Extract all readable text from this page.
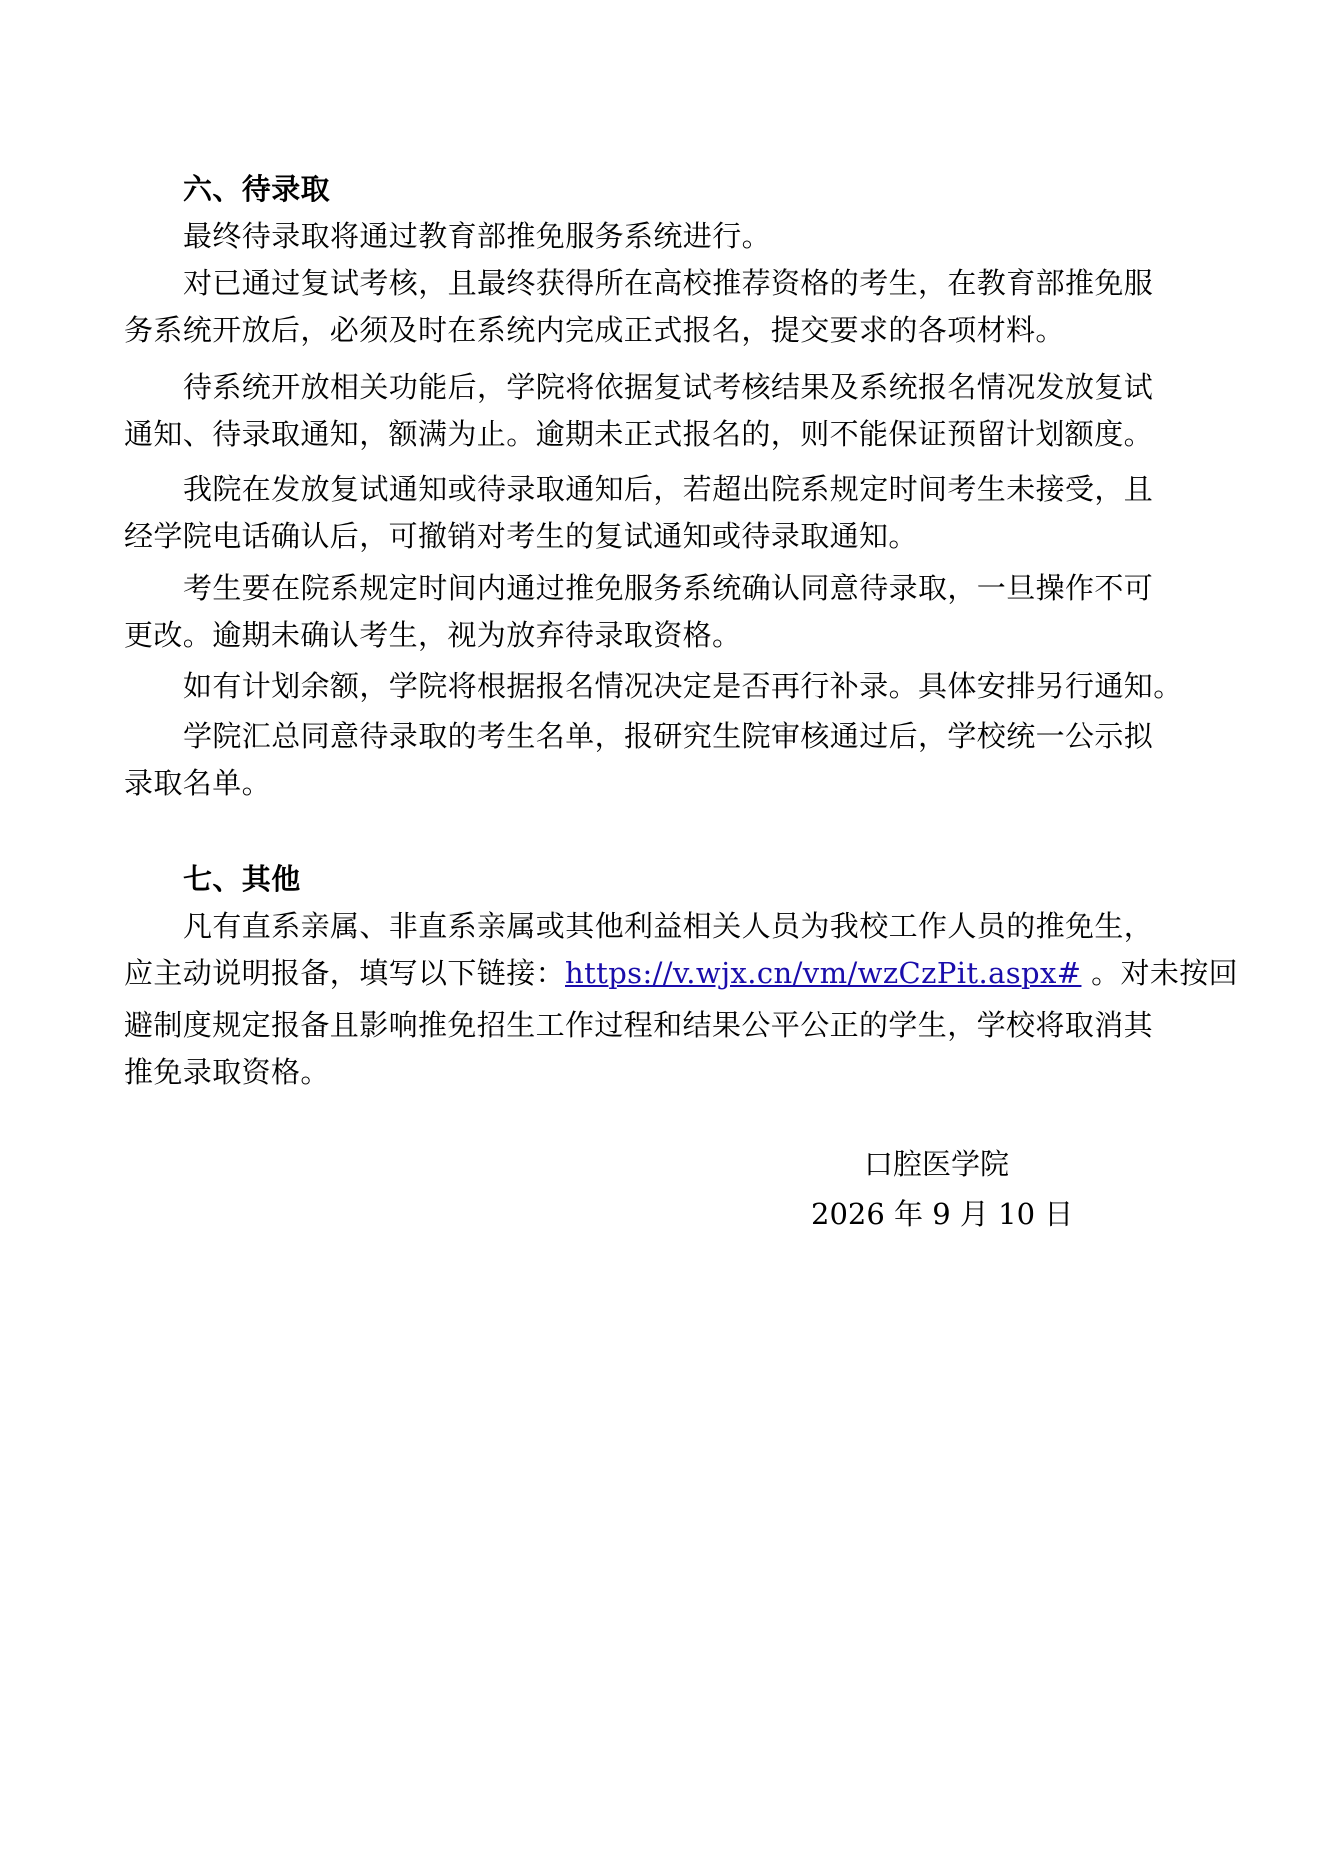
六、待录取
最终待录取将通过教育部推免服务系统进行。
对已通过复试考核，且最终获得所在高校推荐资格的考生，在教育部推免服
务系统开放后，必须及时在系统内完成正式报名，提交要求的各项材料。
待系统开放相关功能后，学院将依据复试考核结果及系统报名情况发放复试
通知、待录取通知，额满为止。逾期未正式报名的，则不能保证预留计划额度。
我院在发放复试通知或待录取通知后，若超出院系规定时间考生未接受，且
经学院电话确认后，可撤销对考生的复试通知或待录取通知。
考生要在院系规定时间内通过推免服务系统确认同意待录取，一旦操作不可
更改。逾期未确认考生，视为放弃待录取资格。
如有计划余额，学院将根据报名情况决定是否再行补录。具体安排另行通知。
学院汇总同意待录取的考生名单，报研究生院审核通过后，学校统一公示拟
录取名单。
七、其他
凡有直系亲属、非直系亲属或其他利益相关人员为我校工作人员的推免生，
应主动说明报备，填写以下链接：https://v.wjx.cn/vm/wzCzPit.aspx# 。对未按回
避制度规定报备且影响推免招生工作过程和结果公平公正的学生，学校将取消其
推免录取资格。
口腔医学院
2026 年 9 月 10 日
